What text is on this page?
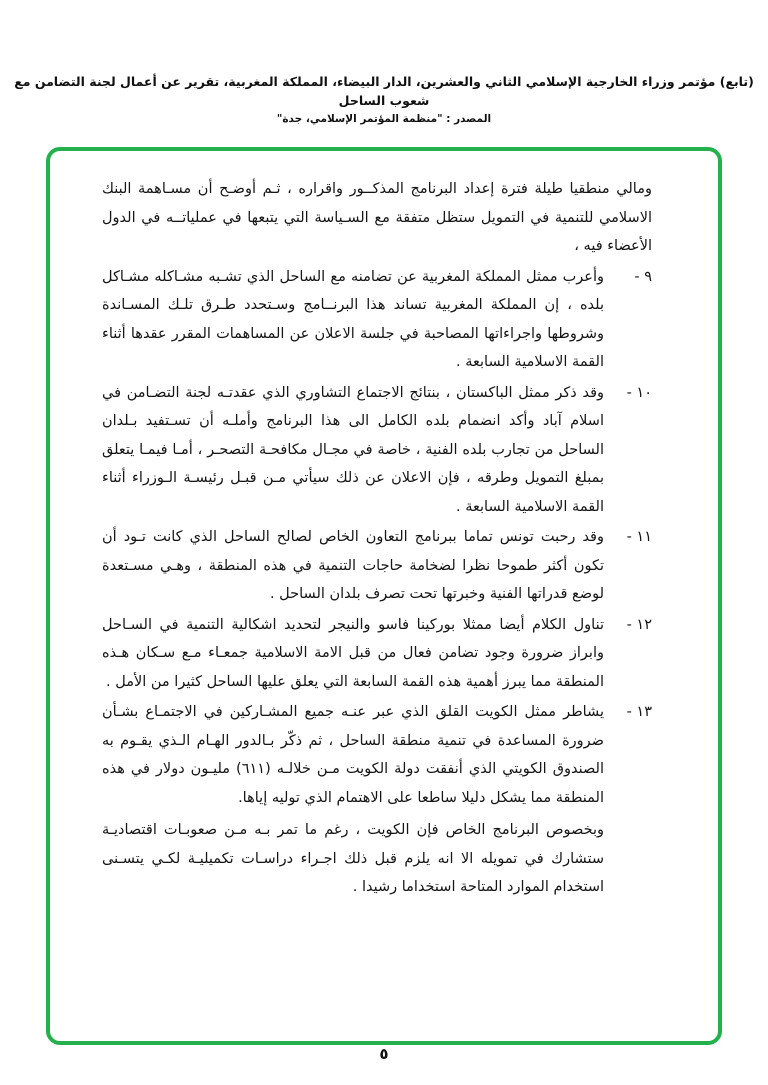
(تابع) مؤتمر وزراء الخارجية الإسلامي الثاني والعشرين، الدار البيضاء، المملكة المغربية، تقرير عن أعمال لجنة التضامن مع شعوب الساحل
المصدر : "منظمة المؤتمر الإسلامي، جدة"

ومالي منطقيا طيلة فترة إعداد البرنامج المذكــور واقراره ، ثـم أوضـح أن مسـاهمة البنك الاسلامي للتنمية في التمويل ستظل متفقة مع السـياسة التي يتبعها في عملياتــه في الدول الأعضاء فيه ،

٩ -

وأعرب ممثل المملكة المغربية عن تضامنه مع الساحل الذي تشـبه مشـاكله مشـاكل بلده ، إن المملكة المغربية تساند هذا البرنــامج وسـتحدد طـرق تلـك المسـاندة وشروطها واجراءاتها المصاحبة في جلسة الاعلان عن المساهمات المقرر عقدها أثناء القمة الاسلامية السابعة .

١٠ -

وقد ذكر ممثل الباكستان ، بنتائج الاجتماع التشاوري الذي عقدتـه لجنة التضـامن في اسلام آباد وأكد انضمام بلده الكامل الى هذا البرنامج وأملـه أن تسـتفيد بـلدان الساحل من تجارب بلده الفنية ، خاصة في مجـال مكافحـة التصحـر ، أمـا فيمـا يتعلق بمبلغ التمويل وطرقه ، فإن الاعلان عن ذلك سيأتي مـن قبـل رئيسـة الـوزراء أثناء القمة الاسلامية السابعة .

١١ -

وقد رحبت تونس تماما ببرنامج التعاون الخاص لصالح الساحل الذي كانت تـود أن تكون أكثر طموحا نظرا لضخامة حاجات التنمية في هذه المنطقة ، وهـي مسـتعدة لوضع قدراتها الفنية وخبرتها تحت تصرف بلدان الساحل .

١٢ -

تناول الكلام أيضا ممثلا بوركينا فاسو والنيجر لتحديد اشكالية التنمية في السـاحل وابراز ضرورة وجود تضامن فعال من قبل الامة الاسلامية جمعـاء مـع سـكان هـذه المنطقة مما يبرز أهمية هذه القمة السابعة التي يعلق عليها الساحل كثيرا من الأمل .

١٣ -

يشاطر ممثل الكويت القلق الذي عبر عنـه جميع المشـاركين في الاجتمـاع بشـأن ضرورة المساعدة في تنمية منطقة الساحل ، ثم ذكّر بـالدور الهـام الـذي يقـوم به الصندوق الكويتي الذي أنفقت دولة الكويت مـن خلالـه (٦١١) مليـون دولار في هذه المنطقة مما يشكل دليلا ساطعا على الاهتمام الذي توليه إياها.

وبخصوص البرنامج الخاص فإن الكويت ، رغم ما تمر بـه مـن صعوبـات اقتصاديـة ستشارك في تمويله الا انه يلزم قبل ذلك اجـراء دراسـات تكميليـة لكـي يتسـنى استخدام الموارد المتاحة استخداما رشيدا .

٥
